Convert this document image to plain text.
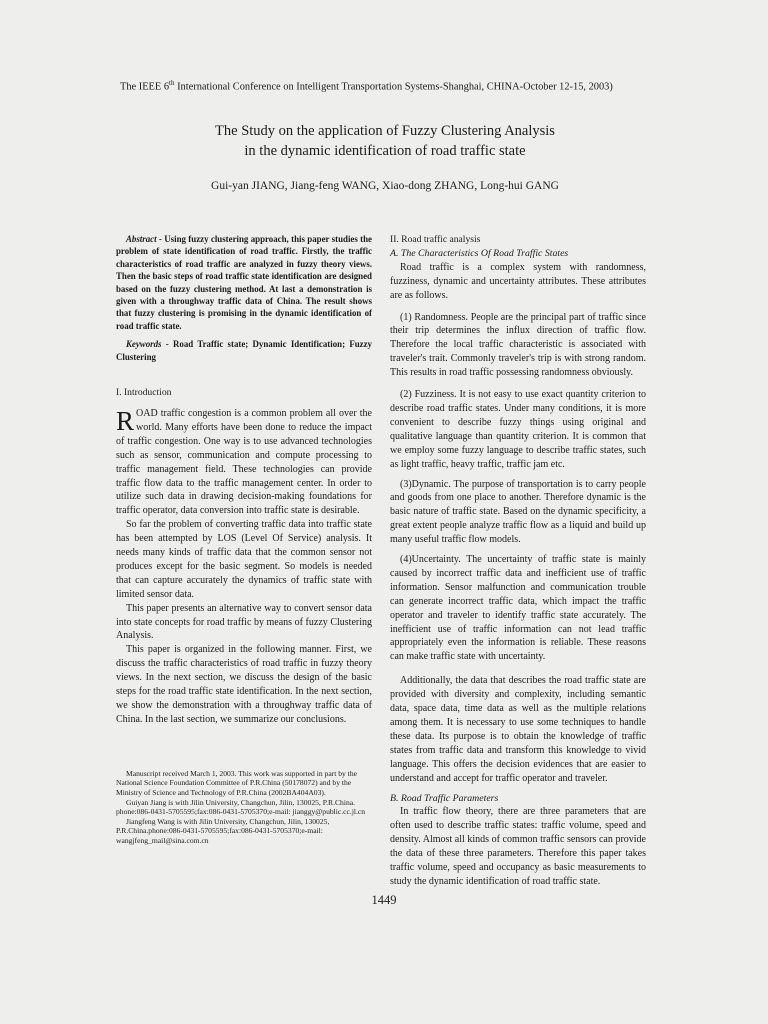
The IEEE 6th International Conference on Intelligent Transportation Systems-Shanghai, CHINA-October 12-15, 2003)
The Study on the application of Fuzzy Clustering Analysis
in the dynamic identification of road traffic state
Gui-yan JIANG, Jiang-feng WANG, Xiao-dong ZHANG, Long-hui GANG

Abstract - Using fuzzy clustering approach, this paper studies the problem of state identification of road traffic. Firstly, the traffic characteristics of road traffic are analyzed in fuzzy theory views. Then the basic steps of road traffic state identification are designed based on the fuzzy clustering method. At last a demonstration is given with a throughway traffic data of China. The result shows that fuzzy clustering is promising in the dynamic identification of road traffic state.

Keywords - Road Traffic state; Dynamic Identification; Fuzzy Clustering

I. Introduction

ROAD traffic congestion is a common problem all over the world. Many efforts have been done to reduce the impact of traffic congestion. One way is to use advanced technologies such as sensor, communication and compute processing to traffic management field. These technologies can provide traffic flow data to the traffic management center. In order to utilize such data in drawing decision-making foundations for traffic operator, data conversion into traffic state is desirable.

So far the problem of converting traffic data into traffic state has been attempted by LOS (Level Of Service) analysis. It needs many kinds of traffic data that the common sensor not produces except for the basic segment. So models is needed that can capture accurately the dynamics of traffic state with limited sensor data.

This paper presents an alternative way to convert sensor data into state concepts for road traffic by means of fuzzy Clustering Analysis.

This paper is organized in the following manner. First, we discuss the traffic characteristics of road traffic in fuzzy theory views. In the next section, we discuss the design of the basic steps for the road traffic state identification. In the next section, we show the demonstration with a throughway traffic data of China. In the last section, we summarize our conclusions.

Manuscript received March 1, 2003. This work was supported in part by the National Science Foundation Committee of P.R.China (50178072) and by the Ministry of Science and Technology of P.R.China (2002BA404A03).

Guiyan Jiang is with Jilin University, Changchun, Jilin, 130025, P.R.China. phone:086-0431-5705595;fax:086-0431-5705370;e-mail: jianggy@public.cc.jl.cn

Jiangfeng Wang is with Jilin University, Changchun, Jilin, 130025, P.R.China.phone:086-0431-5705595;fax:086-0431-5705370;e-mail: wangjfeng_mail@sina.com.cn

II. Road traffic analysis

A. The Characteristics Of Road Traffic States

Road traffic is a complex system with randomness, fuzziness, dynamic and uncertainty attributes. These attributes are as follows.

(1) Randomness. People are the principal part of traffic since their trip determines the influx direction of traffic flow. Therefore the local traffic characteristic is associated with traveler's trait. Commonly traveler's trip is with strong random. This results in road traffic possessing randomness obviously.

(2) Fuzziness. It is not easy to use exact quantity criterion to describe road traffic states. Under many conditions, it is more convenient to describe fuzzy things using original and qualitative language than quantity criterion. It is common that we employ some fuzzy language to describe traffic states, such as light traffic, heavy traffic, traffic jam etc.

(3)Dynamic. The purpose of transportation is to carry people and goods from one place to another. Therefore dynamic is the basic nature of traffic state. Based on the dynamic specificity, a great extent people analyze traffic flow as a liquid and build up many useful traffic flow models.

(4)Uncertainty. The uncertainty of traffic state is mainly caused by incorrect traffic data and inefficient use of traffic information. Sensor malfunction and communication trouble can generate incorrect traffic data, which impact the traffic operator and traveler to identify traffic state accurately. The inefficient use of traffic information can not lead traffic appropriately even the information is reliable. These reasons can make traffic state with uncertainty.

Additionally, the data that describes the road traffic state are provided with diversity and complexity, including semantic data, space data, time data as well as the multiple relations among them. It is necessary to use some techniques to handle these data. Its purpose is to obtain the knowledge of traffic states from traffic data and transform this knowledge to vivid language. This offers the decision evidences that are easier to understand and accept for traffic operator and traveler.

B. Road Traffic Parameters

In traffic flow theory, there are three parameters that are often used to describe traffic states: traffic volume, speed and density. Almost all kinds of common traffic sensors can provide the data of these three parameters. Therefore this paper takes traffic volume, speed and occupancy as basic measurements to study the dynamic identification of road traffic state.

1449
